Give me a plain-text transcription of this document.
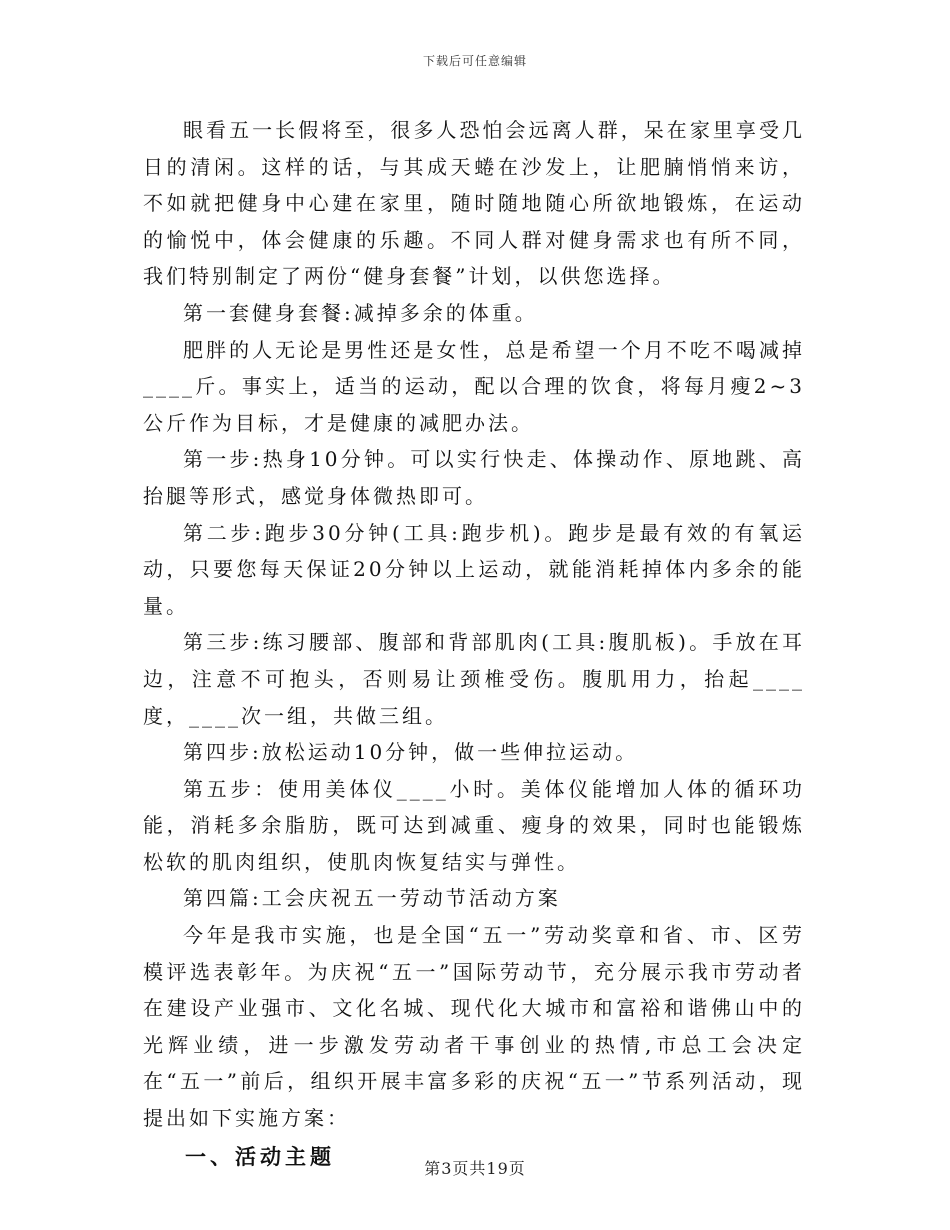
下载后可任意编辑

眼看五一长假将至，很多人恐怕会远离人群，呆在家里享受几日的清闲。这样的话，与其成天蜷在沙发上，让肥腩悄悄来访，不如就把健身中心建在家里，随时随地随心所欲地锻炼，在运动的愉悦中，体会健康的乐趣。不同人群对健身需求也有所不同，我们特别制定了两份“健身套餐”计划，以供您选择。

第一套健身套餐:减掉多余的体重。

肥胖的人无论是男性还是女性，总是希望一个月不吃不喝减掉____斤。事实上，适当的运动，配以合理的饮食，将每月瘦2~3公斤作为目标，才是健康的减肥办法。

第一步:热身10分钟。可以实行快走、体操动作、原地跳、高抬腿等形式，感觉身体微热即可。

第二步:跑步30分钟(工具:跑步机)。跑步是最有效的有氧运动，只要您每天保证20分钟以上运动，就能消耗掉体内多余的能量。

第三步:练习腰部、腹部和背部肌肉(工具:腹肌板)。手放在耳边，注意不可抱头，否则易让颈椎受伤。腹肌用力，抬起____度，____次一组，共做三组。

第四步:放松运动10分钟，做一些伸拉运动。

第五步：使用美体仪____小时。美体仪能增加人体的循环功能，消耗多余脂肪，既可达到减重、瘦身的效果，同时也能锻炼松软的肌肉组织，使肌肉恢复结实与弹性。

第四篇:工会庆祝五一劳动节活动方案

今年是我市实施，也是全国“五一”劳动奖章和省、市、区劳模评选表彰年。为庆祝“五一”国际劳动节，充分展示我市劳动者在建设产业强市、文化名城、现代化大城市和富裕和谐佛山中的光辉业绩，进一步激发劳动者干事创业的热情,市总工会决定在“五一”前后，组织开展丰富多彩的庆祝“五一”节系列活动，现提出如下实施方案：

一、活动主题	第3页共19页
